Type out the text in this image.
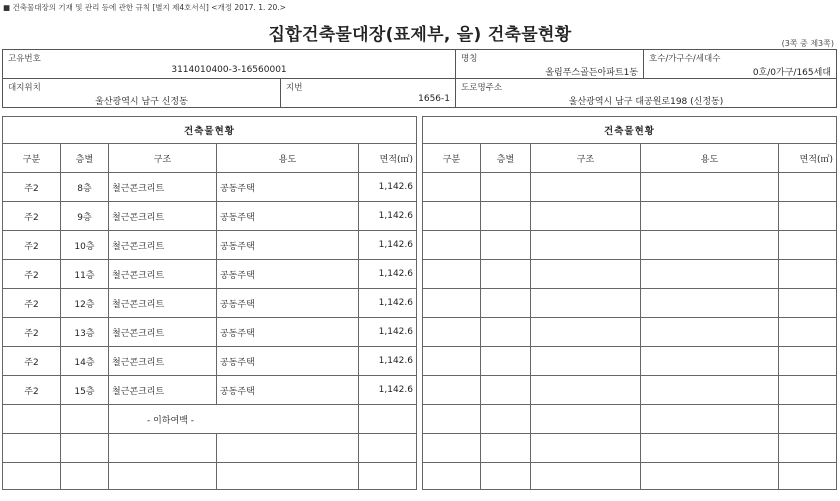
■ 건축물대장의 기재 및 관리 등에 관한 규칙 [별지 제4호서식] <개정 2017. 1. 20.>
집합건축물대장(표제부, 을) 건축물현황	(3쪽 중 제3쪽)
고유번호
3114010400-3-16560001		명칭
올림푸스골든아파트1동	호수/가구수/세대수
0호/0가구/165세대

대지위치
울산광역시 남구 신정동	지번
1656-1	도로명주소
울산광역시 남구 대공원로198 (신정동)	
건축물현황						건축물현황				
구분	층별	구조	용도	면적(㎡)		구분	층별	구조	용도	면적(㎡)
주2	8층	철근콘크리트	공동주택	1,142.6						
주2	9층	철근콘크리트	공동주택	1,142.6						
주2	10층	철근콘크리트	공동주택	1,142.6						
주2	11층	철근콘크리트	공동주택	1,142.6						
주2	12층	철근콘크리트	공동주택	1,142.6						
주2	13층	철근콘크리트	공동주택	1,142.6						
주2	14층	철근콘크리트	공동주택	1,142.6						
주2	15층	철근콘크리트	공동주택	1,142.6						
		- 이하여백 -								
